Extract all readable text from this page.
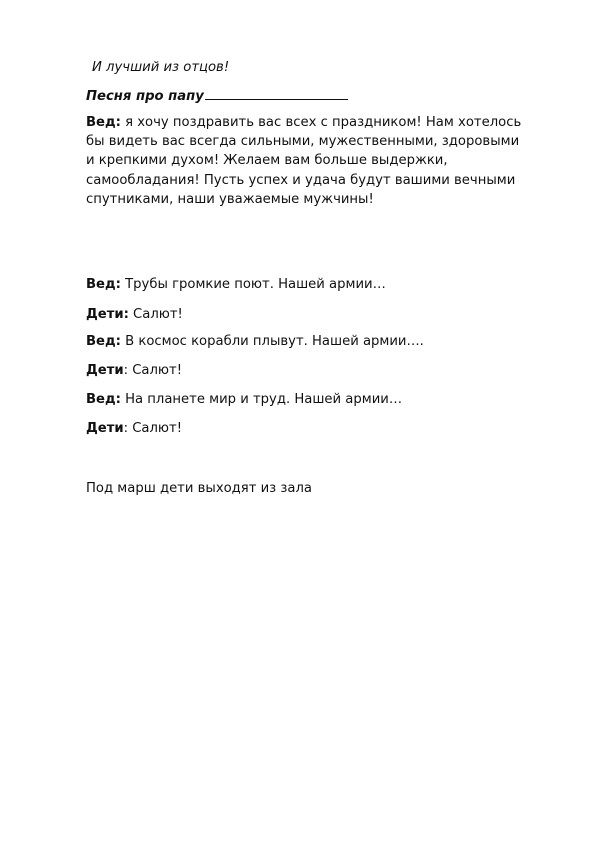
И лучший из отцов!
Песня про папу
Вед: я хочу поздравить вас всех с праздником! Нам хотелось
бы видеть вас всегда сильными, мужественными, здоровыми
и крепкими духом! Желаем вам больше выдержки,
самообладания! Пусть успех и удача будут вашими вечными
спутниками, наши уважаемые мужчины!
Вед: Трубы громкие поют. Нашей армии…
Дети: Салют!
Вед: В космос корабли плывут. Нашей армии….
Дети: Салют!
Вед: На планете мир и труд. Нашей армии…
Дети: Салют!
Под марш дети выходят из зала
